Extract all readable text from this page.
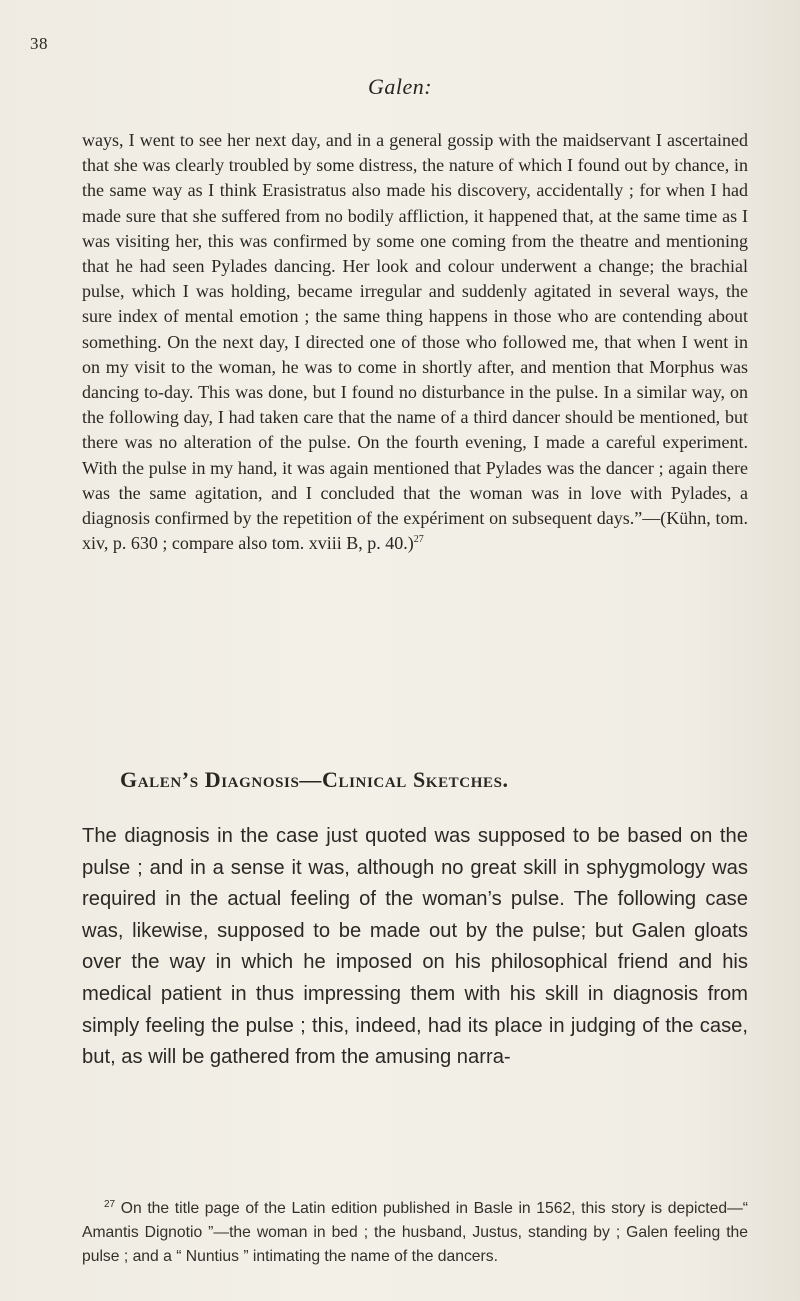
38
Galen:

ways, I went to see her next day, and in a general gossip with the maidservant I ascertained that she was clearly troubled by some distress, the nature of which I found out by chance, in the same way as I think Erasistratus also made his discovery, accidentally ; for when I had made sure that she suffered from no bodily affliction, it happened that, at the same time as I was visiting her, this was confirmed by some one coming from the theatre and mentioning that he had seen Pylades dancing. Her look and colour underwent a change; the brachial pulse, which I was holding, became irregular and suddenly agitated in several ways, the sure index of mental emotion ; the same thing happens in those who are contending about something. On the next day, I directed one of those who followed me, that when I went in on my visit to the woman, he was to come in shortly after, and mention that Morphus was dancing to-day. This was done, but I found no disturbance in the pulse. In a similar way, on the following day, I had taken care that the name of a third dancer should be mentioned, but there was no alteration of the pulse. On the fourth evening, I made a careful experiment. With the pulse in my hand, it was again mentioned that Pylades was the dancer ; again there was the same agitation, and I concluded that the woman was in love with Pylades, a diagnosis confirmed by the repetition of the expériment on subsequent days.”—(Kühn, tom. xiv, p. 630 ; compare also tom. xviii B, p. 40.)$^{27}$

Galen’s Diagnosis—Clinical Sketches.

The diagnosis in the case just quoted was supposed to be based on the pulse ; and in a sense it was, although no great skill in sphygmology was required in the actual feeling of the woman’s pulse. The following case was, likewise, supposed to be made out by the pulse; but Galen gloats over the way in which he imposed on his philosophical friend and his medical patient in thus impressing them with his skill in diagnosis from simply feeling the pulse ; this, indeed, had its place in judging of the case, but, as will be gathered from the amusing narra-

$^{27}$ On the title page of the Latin edition published in Basle in 1562, this story is depicted—“ Amantis Dignotio ”—the woman in bed ; the husband, Justus, standing by ; Galen feeling the pulse ; and a “ Nuntius ” intimating the name of the dancers.
